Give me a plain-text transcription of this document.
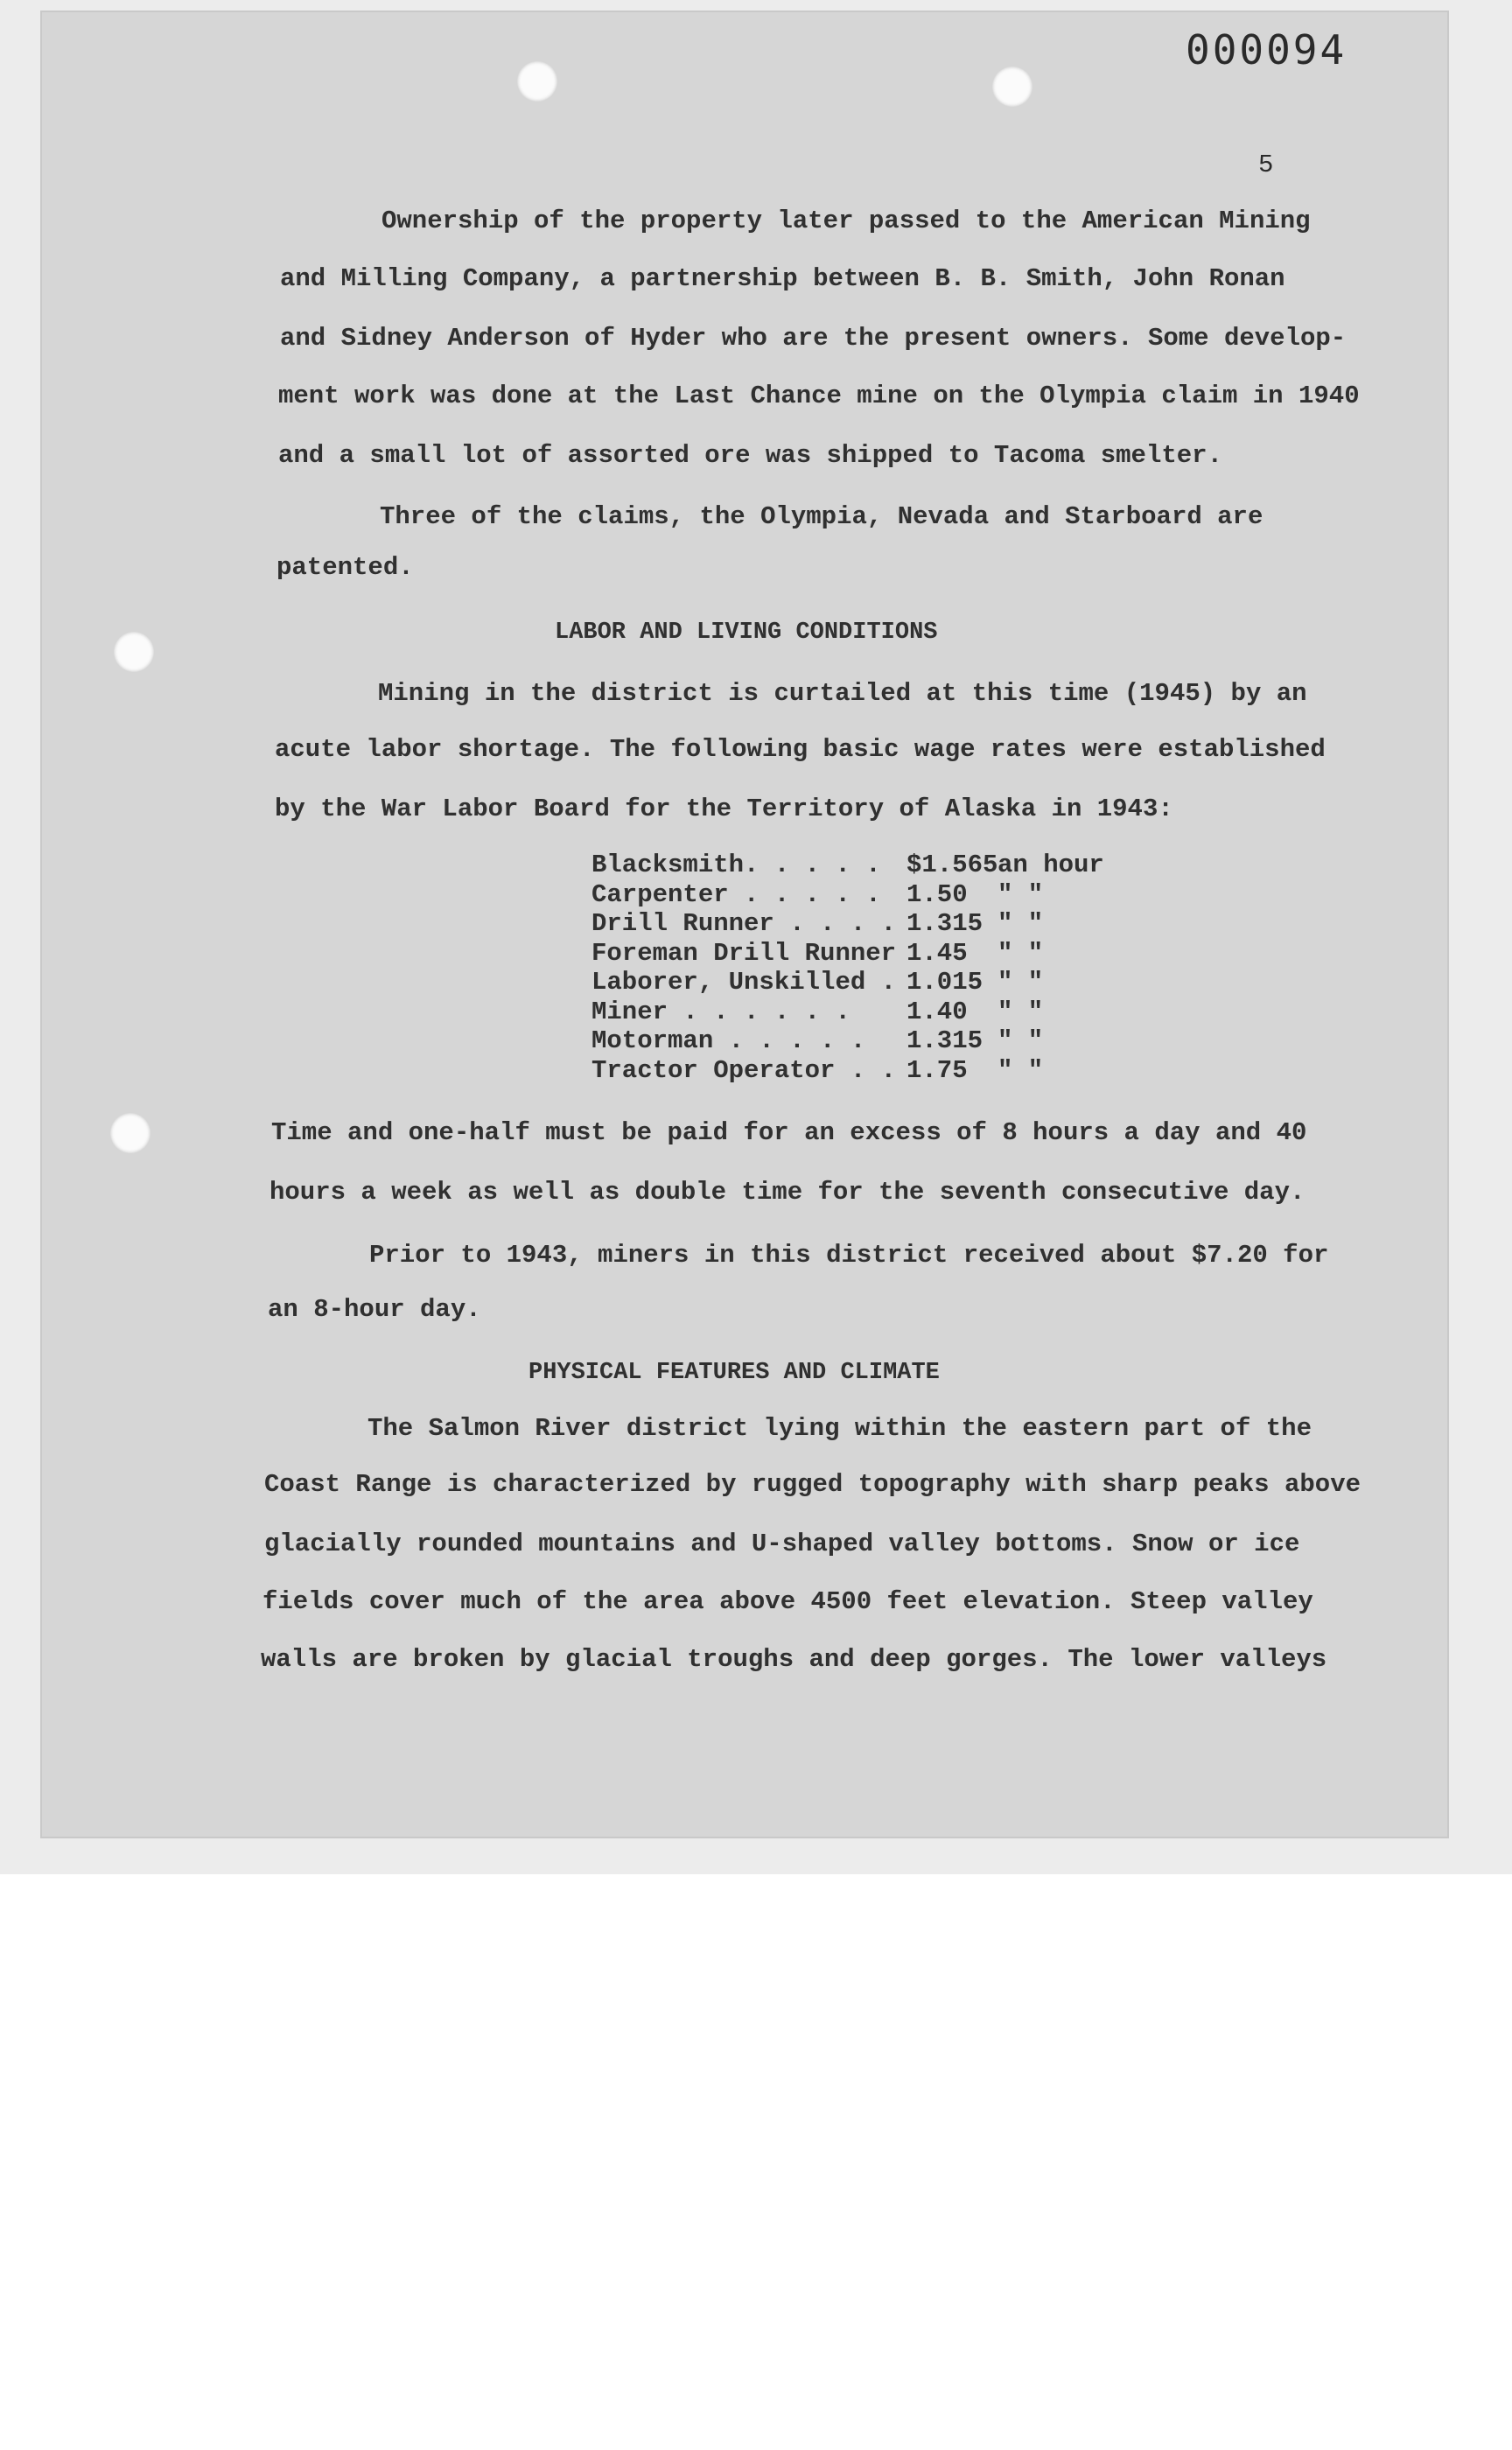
000094
5

Ownership of the property later passed to the American Mining

and Milling Company, a partnership between B. B. Smith, John Ronan

and Sidney Anderson of Hyder who are the present owners. Some develop-

ment work was done at the Last Chance mine on the Olympia claim in 1940

and a small lot of assorted ore was shipped to Tacoma smelter.

Three of the claims, the Olympia, Nevada and Starboard are

patented.

LABOR AND LIVING CONDITIONS

Mining in the district is curtailed at this time (1945) by an

acute labor shortage. The following basic wage rates were established

by the War Labor Board for the Territory of Alaska in 1943:

Blacksmith. . . . .	$1.565 an hour
Carpenter . . . . .	1.50	" "
Drill Runner . . . . 1.315 " "
Foreman Drill Runner 1.45	" "
Laborer, Unskilled . 1.015 " "
Miner . . . . . .	1.40	" "
Motorman . . . . .	1.315 " "
Tractor Operator . . 1.75	" "

Time and one-half must be paid for an excess of 8 hours a day and 40

hours a week as well as double time for the seventh consecutive day.

Prior to 1943, miners in this district received about $7.20 for

an 8-hour day.

PHYSICAL FEATURES AND CLIMATE

The Salmon River district lying within the eastern part of the

Coast Range is characterized by rugged topography with sharp peaks above

glacially rounded mountains and U-shaped valley bottoms. Snow or ice

fields cover much of the area above 4500 feet elevation. Steep valley

walls are broken by glacial troughs and deep gorges. The lower valleys
